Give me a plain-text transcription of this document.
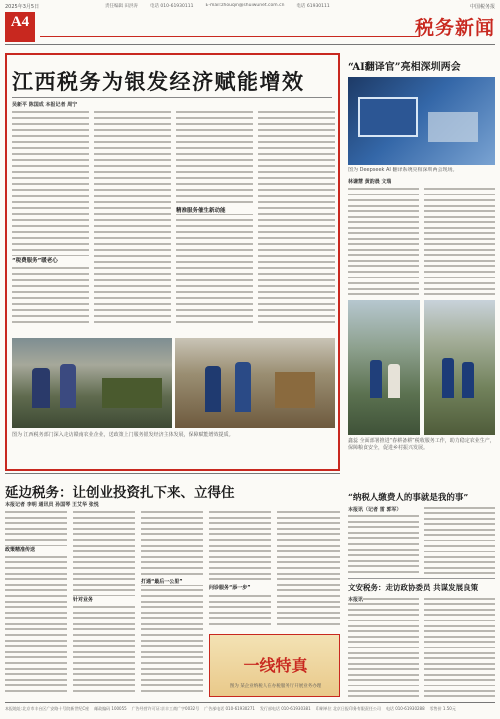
2025年3月5日	责任编辑 田洪涛	电话 010-61930111	E-mail:zhouqin@shuiwunet.com.cn	电话 61930111	中国税务报
A4	税务新闻
江西税务为银发经济赋能增效
吴新平 陈国成 本报记者 周宁
“税费服务”暖老心
精准服务催生新动能
图为 江西税务部门深入走访赣南农业企业，送政策上门服务银发经济主体发展，保障赋能增效提质。
“AI翻译官”亮相深圳两会
图为 Deepseek AI 翻译系统亮相深圳两会现场。
林谦慧 黄韵晨 文瑞
鑫蕊 全面部署推进“春耕备耕”税收服务工作，助力稳定农业生产，保障粮食安全，促进乡村振兴发展。
“纳税人缴费人的事就是我的事”
本报讯（记者 雷 郭军）
文安税务：走访政协委员 共谋发展良策
本报讯
延边税务：让创业投资扎下来、立得住
本报记者 李明 通讯员 孙国琴 王艾华 张悦
政策精准传送
针对业务
打通“最后一公里”
问诊服务“添一步”
一线特真
图为 某企业纳税人在办税服务厅开展业务办理
本报地址:北京市丰台区广安路十号院新世纪C座 邮政编码 100055 广告经营许可证:京丰工商广字0032号 广告部电话 010-61930271 发行部电话 010-61930381 印刷单位 北京日报印务有限责任公司 电话 010-61930288 零售价 1.50元
